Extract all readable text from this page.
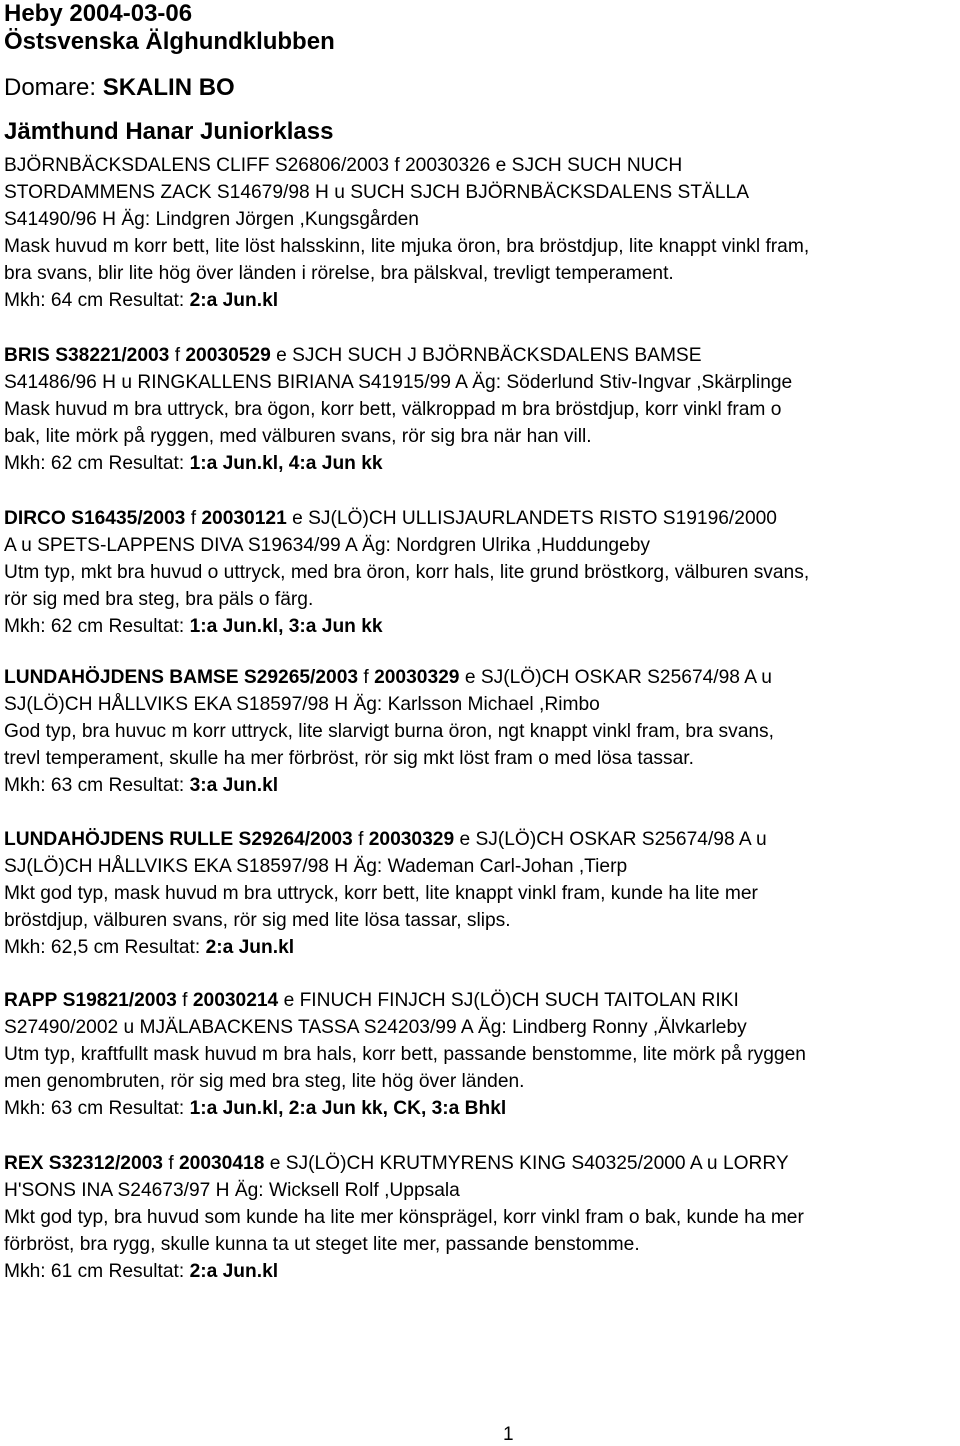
Heby 2004-03-06
Östsvenska Älghundklubben
Domare: SKALIN BO
Jämthund Hanar Juniorklass
BJÖRNBÄCKSDALENS CLIFF S26806/2003 f 20030326 e SJCH SUCH NUCH
STORDAMMENS ZACK S14679/98 H u SUCH SJCH BJÖRNBÄCKSDALENS STÄLLA
S41490/96 H Äg: Lindgren Jörgen ,Kungsgården
Mask huvud m korr bett, lite löst halsskinn, lite mjuka öron, bra bröstdjup, lite knappt vinkl fram,
bra svans, blir lite hög över länden i rörelse, bra pälskval, trevligt temperament.
Mkh: 64 cm Resultat: 2:a Jun.kl
BRIS S38221/2003 f 20030529 e SJCH SUCH J BJÖRNBÄCKSDALENS BAMSE
S41486/96 H u RINGKALLENS BIRIANA S41915/99 A Äg: Söderlund Stiv-Ingvar ,Skärplinge
Mask huvud m bra uttryck, bra ögon, korr bett, välkroppad m bra bröstdjup, korr vinkl fram o
bak, lite mörk på ryggen, med välburen svans, rör sig bra när han vill.
Mkh: 62 cm Resultat: 1:a Jun.kl, 4:a Jun kk
DIRCO S16435/2003 f 20030121 e SJ(LÖ)CH ULLISJAURLANDETS RISTO S19196/2000
A u SPETS-LAPPENS DIVA S19634/99 A Äg: Nordgren Ulrika ,Huddungeby
Utm typ, mkt bra huvud o uttryck, med bra öron, korr hals, lite grund bröstkorg, välburen svans,
rör sig med bra steg, bra päls o färg.
Mkh: 62 cm Resultat: 1:a Jun.kl, 3:a Jun kk
LUNDAHÖJDENS BAMSE S29265/2003 f 20030329 e SJ(LÖ)CH OSKAR S25674/98 A u
SJ(LÖ)CH HÅLLVIKS EKA S18597/98 H Äg: Karlsson Michael ,Rimbo
God typ, bra huvuc m korr uttryck, lite slarvigt burna öron, ngt knappt vinkl fram, bra svans,
trevl temperament, skulle ha mer förbröst, rör sig mkt löst fram o med lösa tassar.
Mkh: 63 cm Resultat: 3:a Jun.kl
LUNDAHÖJDENS RULLE S29264/2003 f 20030329 e SJ(LÖ)CH OSKAR S25674/98 A u
SJ(LÖ)CH HÅLLVIKS EKA S18597/98 H Äg: Wademan Carl-Johan ,Tierp
Mkt god typ, mask huvud m bra uttryck, korr bett, lite knappt vinkl fram, kunde ha lite mer
bröstdjup, välburen svans, rör sig med lite lösa tassar, slips.
Mkh: 62,5 cm Resultat: 2:a Jun.kl
RAPP S19821/2003 f 20030214 e FINUCH FINJCH SJ(LÖ)CH SUCH TAITOLAN RIKI
S27490/2002 u MJÄLABACKENS TASSA S24203/99 A Äg: Lindberg Ronny ,Älvkarleby
Utm typ, kraftfullt mask huvud m bra hals, korr bett, passande benstomme, lite mörk på ryggen
men genombruten, rör sig med bra steg, lite hög över länden.
Mkh: 63 cm Resultat: 1:a Jun.kl, 2:a Jun kk, CK, 3:a Bhkl
REX S32312/2003 f 20030418 e SJ(LÖ)CH KRUTMYRENS KING S40325/2000 A u LORRY
H'SONS INA S24673/97 H Äg: Wicksell Rolf ,Uppsala
Mkt god typ, bra huvud som kunde ha lite mer könsprägel, korr vinkl fram o bak, kunde ha mer
förbröst, bra rygg, skulle kunna ta ut steget lite mer, passande benstomme.
Mkh: 61 cm Resultat: 2:a Jun.kl
1
